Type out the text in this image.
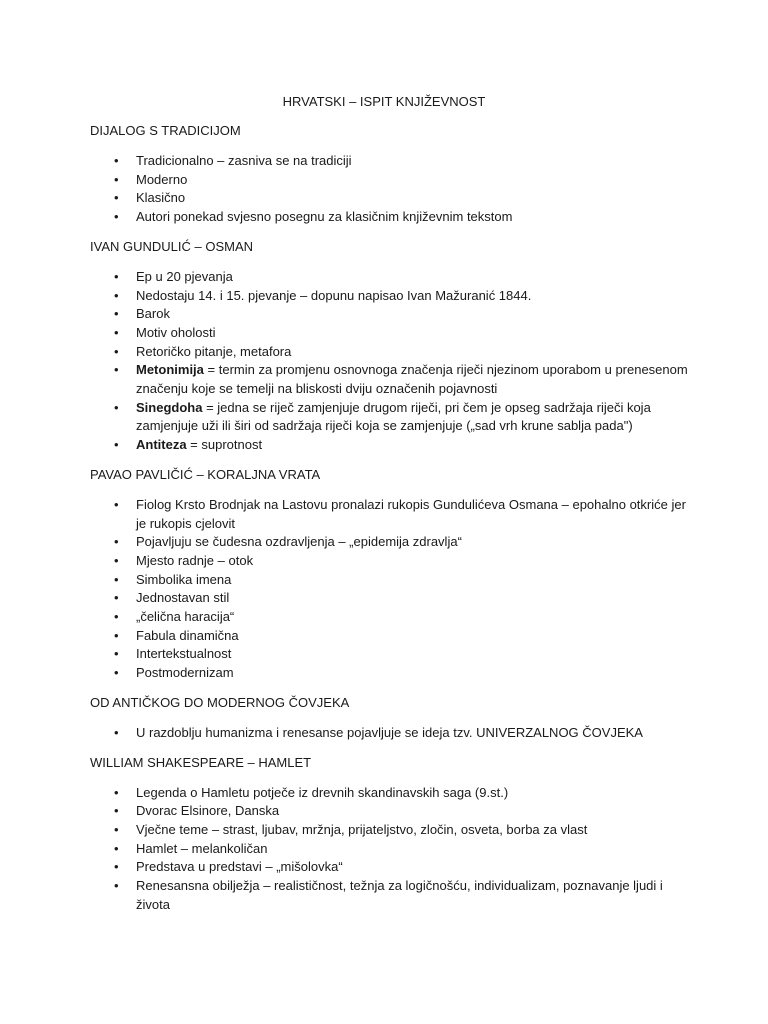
HRVATSKI – ISPIT KNJIŽEVNOST
DIJALOG S TRADICIJOM
• Tradicionalno – zasniva se na tradiciji
• Moderno
• Klasično
• Autori ponekad svjesno posegnu za klasičnim književnim tekstom
IVAN GUNDULIĆ – OSMAN
• Ep u 20 pjevanja
• Nedostaju 14. i 15. pjevanje – dopunu napisao Ivan Mažuranić 1844.
• Barok
• Motiv oholosti
• Retoričko pitanje, metafora
• Metonimija = termin za promjenu osnovnoga značenja riječi njezinom uporabom u prenesenom značenju koje se temelji na bliskosti dviju označenih pojavnosti
• Sinegdoha = jedna se riječ zamjenjuje drugom riječi, pri čem je opseg sadržaja riječi koja zamjenjuje uži ili širi od sadržaja riječi koja se zamjenjuje („sad vrh krune sablja pada")
• Antiteza = suprotnost
PAVAO PAVLIČIĆ – KORALJNA VRATA
• Fiolog Krsto Brodnjak na Lastovu pronalazi rukopis Gundulićeva Osmana – epohalno otkriće jer je rukopis cjelovit
• Pojavljuju se čudesna ozdravljenja – „epidemija zdravlja“
• Mjesto radnje – otok
• Simbolika imena
• Jednostavan stil
• „čelična haracija“
• Fabula dinamična
• Intertekstualnost
• Postmodernizam
OD ANTIČKOG DO MODERNOG ČOVJEKA
• U razdoblju humanizma i renesanse pojavljuje se ideja tzv. UNIVERZALNOG ČOVJEKA
WILLIAM SHAKESPEARE – HAMLET
• Legenda o Hamletu potječe iz drevnih skandinavskih saga (9.st.)
• Dvorac Elsinore, Danska
• Vječne teme – strast, ljubav, mržnja, prijateljstvo, zločin, osveta, borba za vlast
• Hamlet – melankoličan
• Predstava u predstavi – „mišolovka“
• Renesansna obilježja – realističnost, težnja za logičnošću, individualizam, poznavanje ljudi i života
